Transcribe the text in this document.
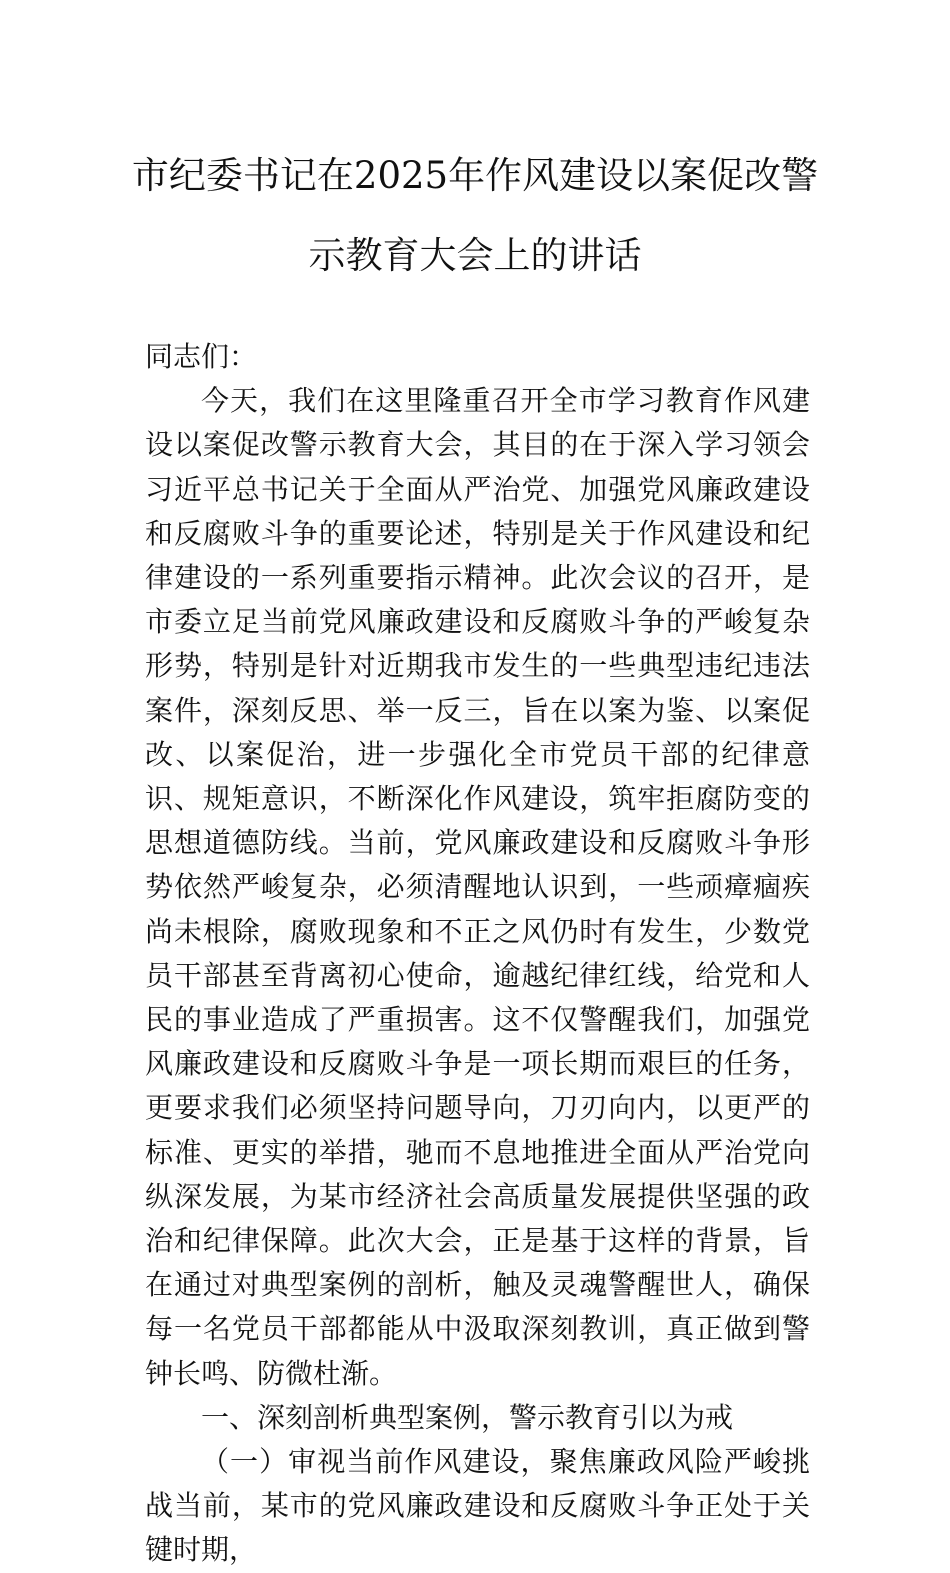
市纪委书记在2025年作风建设以案促改警
示教育大会上的讲话

同志们：

今天，我们在这里隆重召开全市学习教育作风建设以案促改警示教育大会，其目的在于深入学习领会习近平总书记关于全面从严治党、加强党风廉政建设和反腐败斗争的重要论述，特别是关于作风建设和纪律建设的一系列重要指示精神。此次会议的召开，是市委立足当前党风廉政建设和反腐败斗争的严峻复杂形势，特别是针对近期我市发生的一些典型违纪违法案件，深刻反思、举一反三，旨在以案为鉴、以案促改、以案促治，进一步强化全市党员干部的纪律意识、规矩意识，不断深化作风建设，筑牢拒腐防变的思想道德防线。当前，党风廉政建设和反腐败斗争形势依然严峻复杂，必须清醒地认识到，一些顽瘴痼疾尚未根除，腐败现象和不正之风仍时有发生，少数党员干部甚至背离初心使命，逾越纪律红线，给党和人民的事业造成了严重损害。这不仅警醒我们，加强党风廉政建设和反腐败斗争是一项长期而艰巨的任务，更要求我们必须坚持问题导向，刀刃向内，以更严的标准、更实的举措，驰而不息地推进全面从严治党向纵深发展，为某市经济社会高质量发展提供坚强的政治和纪律保障。此次大会，正是基于这样的背景，旨在通过对典型案例的剖析，触及灵魂警醒世人，确保每一名党员干部都能从中汲取深刻教训，真正做到警钟长鸣、防微杜渐。

一、深刻剖析典型案例，警示教育引以为戒

（一）审视当前作风建设，聚焦廉政风险严峻挑战当前，某市的党风廉政建设和反腐败斗争正处于关键时期，
